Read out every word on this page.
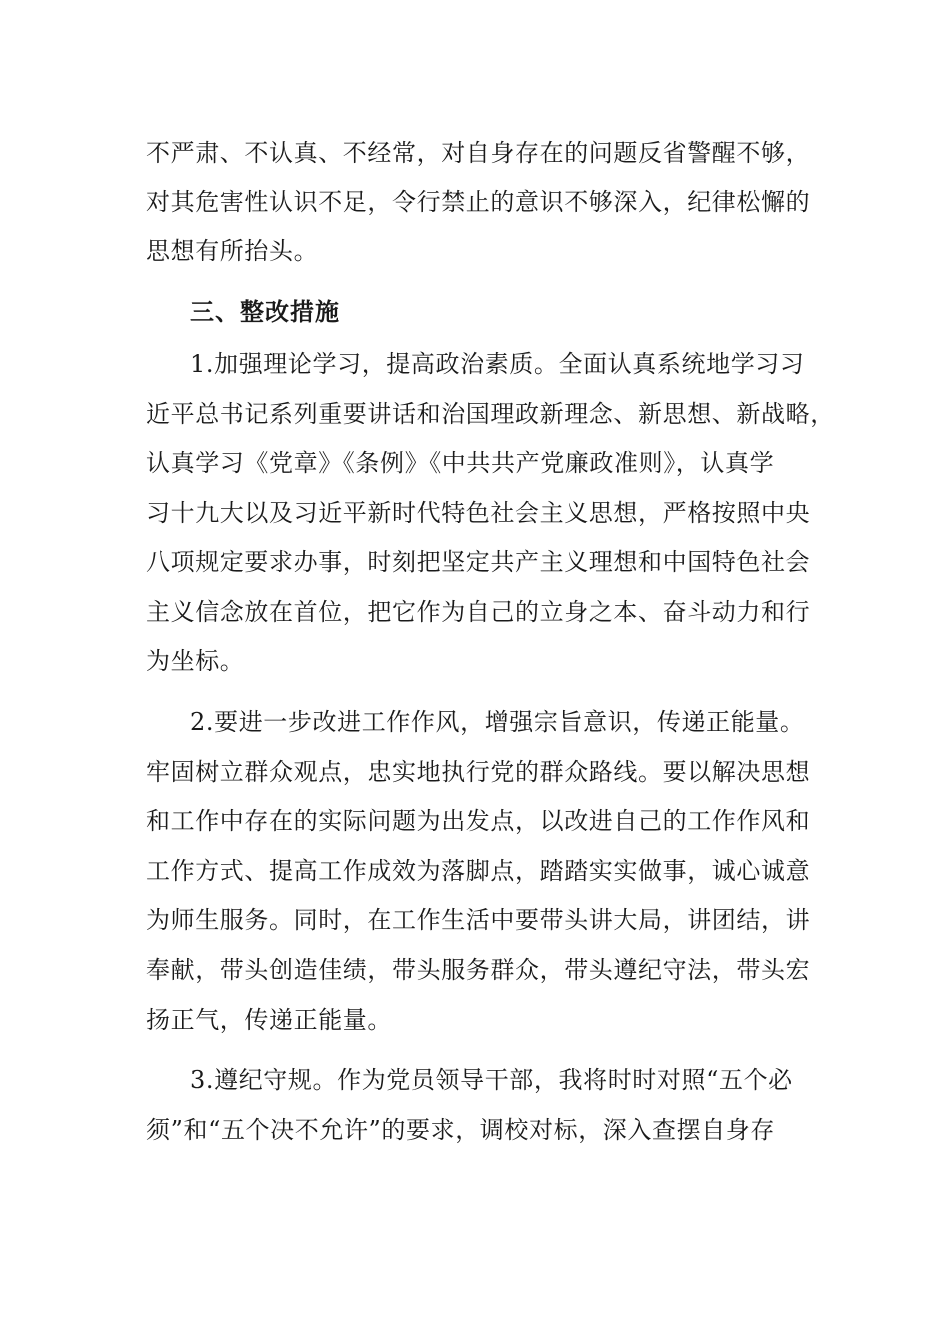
不严肃、不认真、不经常，对自身存在的问题反省警醒不够，
对其危害性认识不足，令行禁止的意识不够深入，纪律松懈的
思想有所抬头。
三、整改措施
1.加强理论学习，提高政治素质。全面认真系统地学习习
近平总书记系列重要讲话和治国理政新理念、新思想、新战略，
认真学习《党章》《条例》《中共共产党廉政准则》，认真学
习十九大以及习近平新时代特色社会主义思想，严格按照中央
八项规定要求办事，时刻把坚定共产主义理想和中国特色社会
主义信念放在首位，把它作为自己的立身之本、奋斗动力和行
为坐标。
2.要进一步改进工作作风，增强宗旨意识，传递正能量。
牢固树立群众观点，忠实地执行党的群众路线。要以解决思想
和工作中存在的实际问题为出发点，以改进自己的工作作风和
工作方式、提高工作成效为落脚点，踏踏实实做事，诚心诚意
为师生服务。同时，在工作生活中要带头讲大局，讲团结，讲
奉献，带头创造佳绩，带头服务群众，带头遵纪守法，带头宏
扬正气，传递正能量。
3.遵纪守规。作为党员领导干部，我将时时对照“五个必
须”和“五个决不允许”的要求，调校对标，深入查摆自身存
